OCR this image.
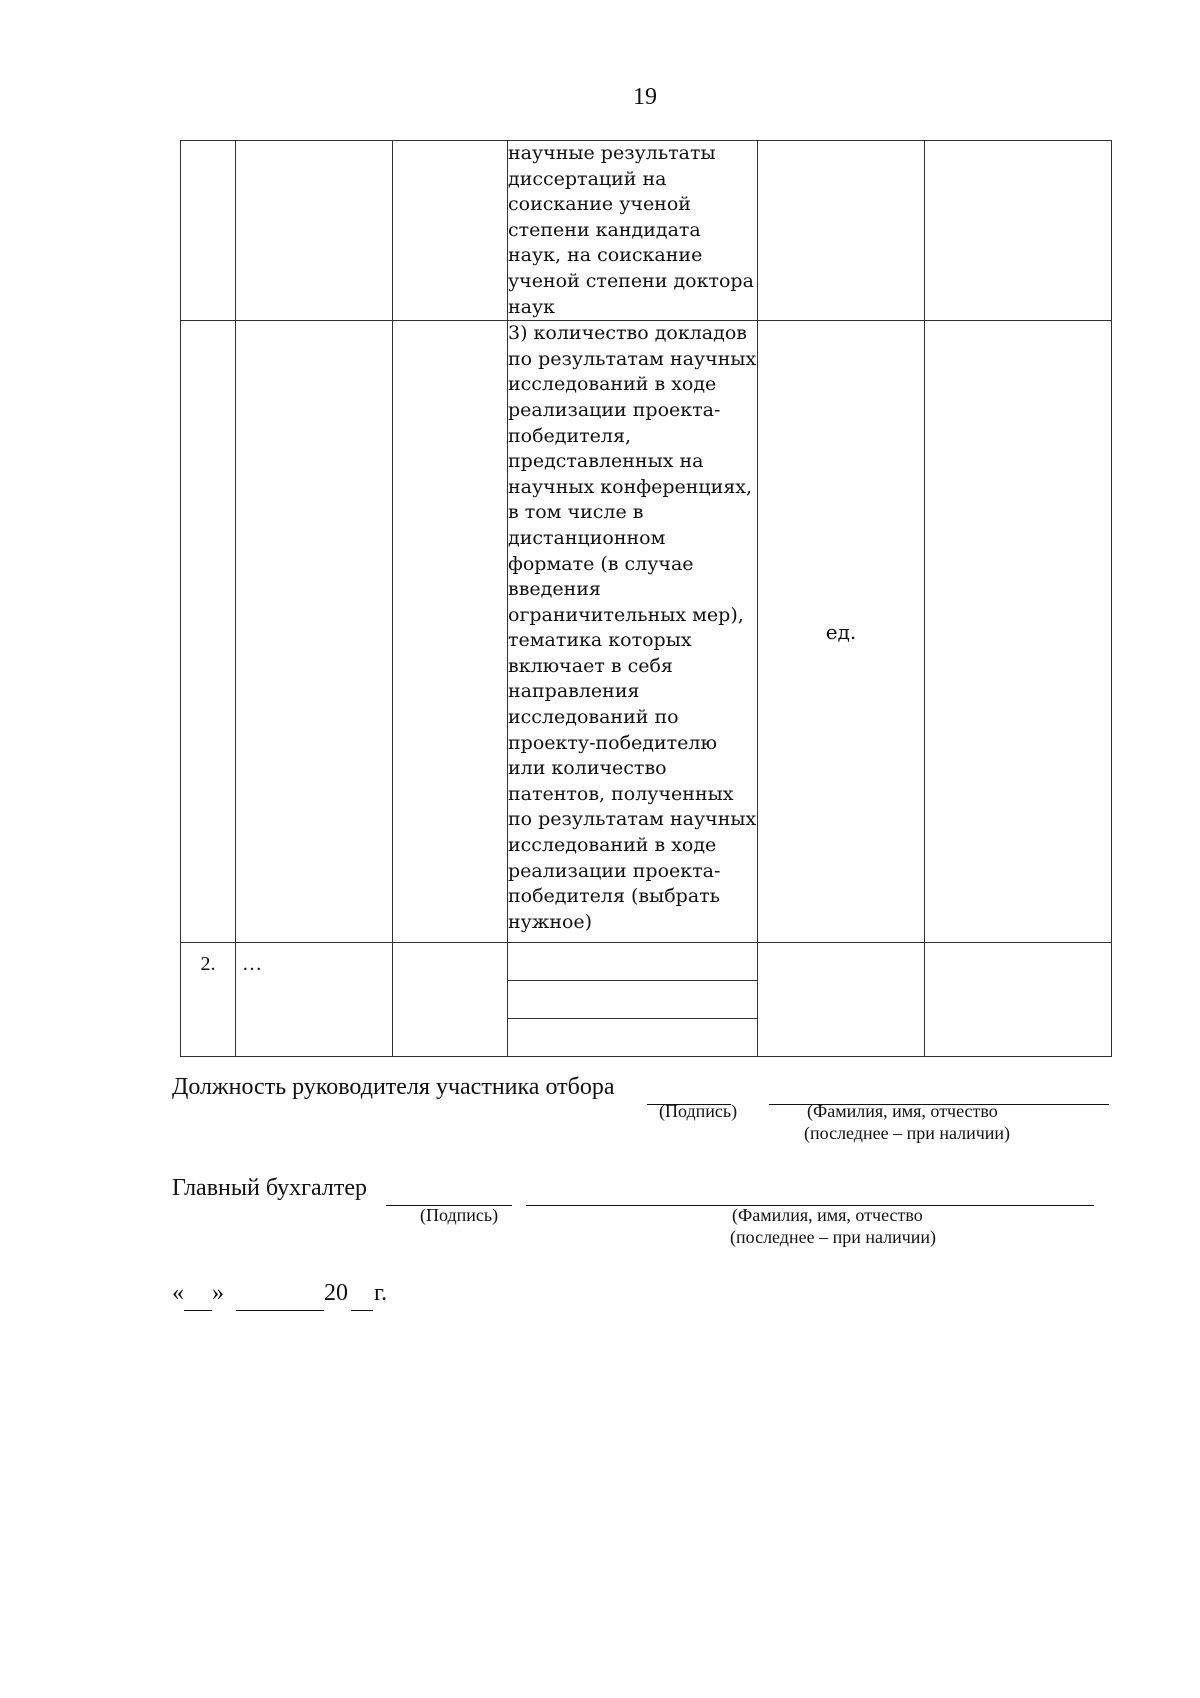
19
			научные результаты диссертаций на соискание ученой степени кандидата наук, на соискание ученой степени доктора наук		
			3) количество докладов по результатам научных исследований в ходе реализации проекта-победителя, представленных на научных конференциях, в том числе в дистанционном формате (в случае введения ограничительных мер), тематика которых включает в себя направления исследований по проекту-победителю или количество патентов, полученных по результатам научных исследований в ходе реализации проекта-победителя (выбрать нужное)	ед.	
2.	…				

Должность руководителя участника отбора
(Подпись)	(Фамилия, имя, отчество
(последнее – при наличии)
Главный бухгалтер
(Подпись)	(Фамилия, имя, отчество
(последнее – при наличии)
« »	20 г.
